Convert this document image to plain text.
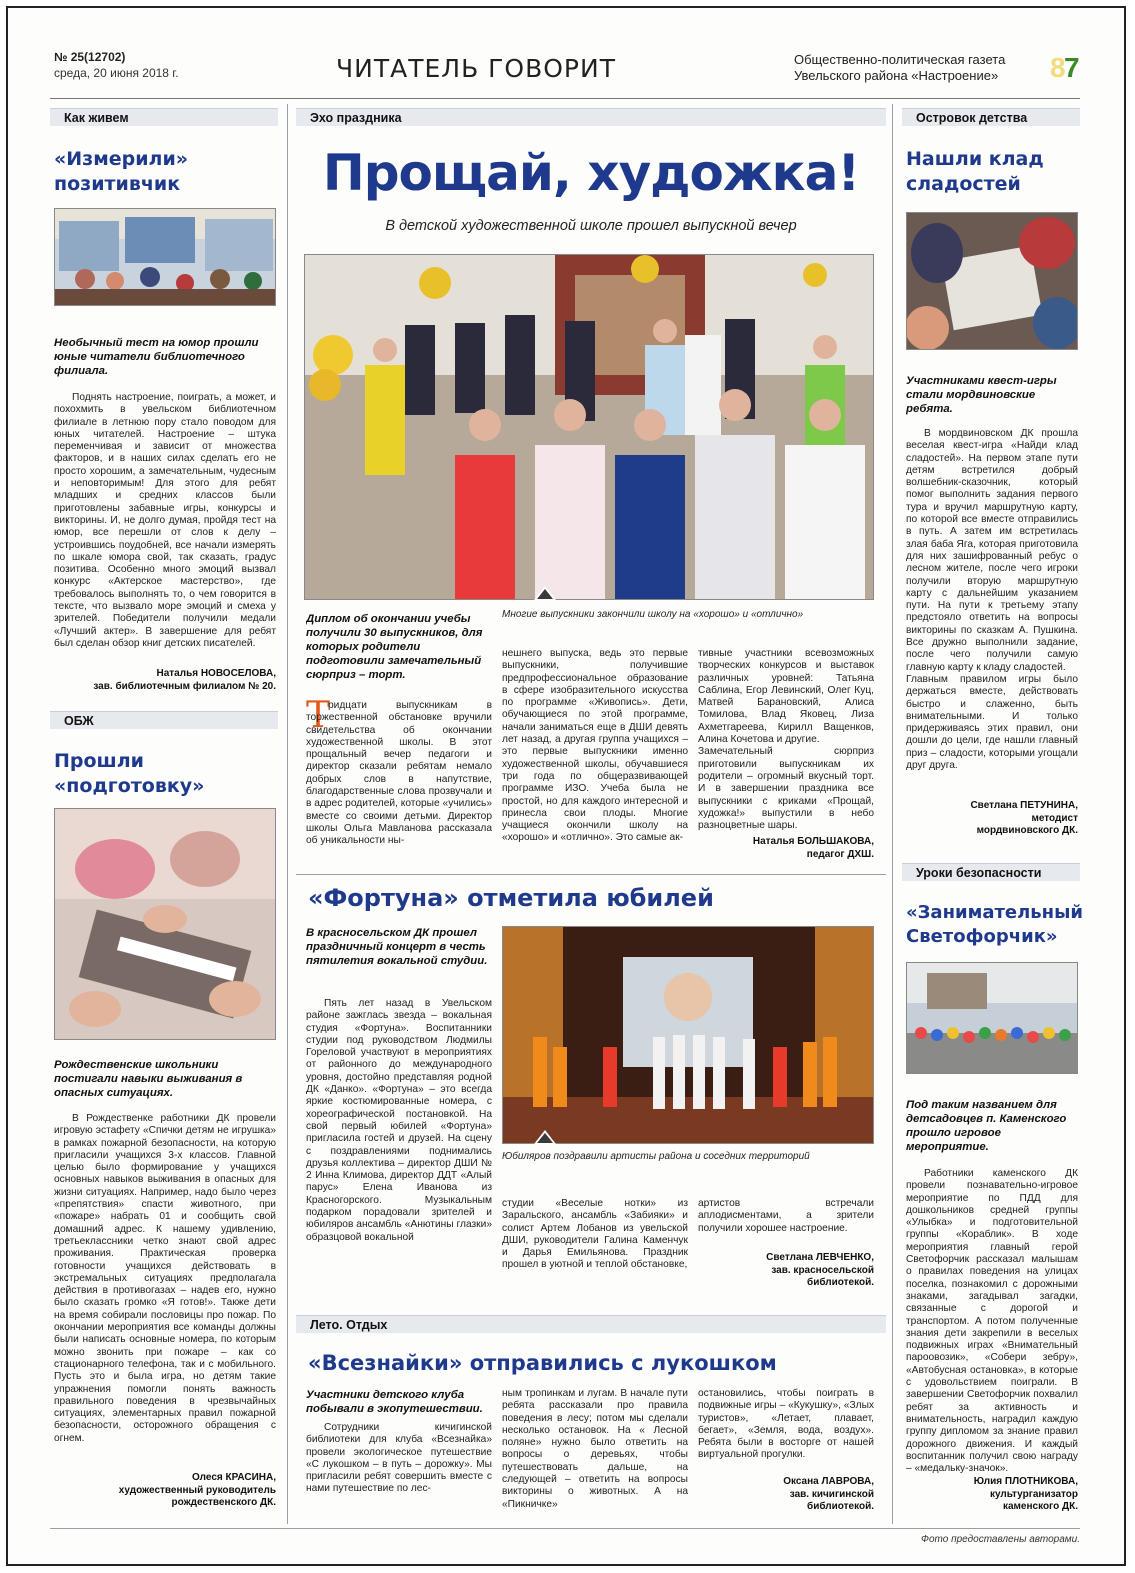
№ 25(12702)
среда, 20 июня 2018 г.	ЧИТАТЕЛЬ ГОВОРИТ	Общественно-политическая газета
Увельского района «Настроение» 8
7
Как живем
«Измерили»
позитивчик
Необычный тест на юмор прошли юные читатели библиотечного филиала.
Поднять настроение, поиграть, а может, и похохмить в увельском библиотечном филиале в летнюю пору стало поводом для юных читателей. Настроение – штука переменчивая и зависит от множества факторов, и в наших силах сделать его не просто хорошим, а замечательным, чудесным и неповторимым! Для этого для ребят младших и средних классов были приготовлены забавные игры, конкурсы и викторины. И, не долго думая, пройдя тест на юмор, все перешли от слов к делу – устроившись поудобней, все начали измерять по шкале юмора свой, так сказать, градус позитива. Особенно много эмоций вызвал конкурс «Актерское мастерство», где требовалось выполнять то, о чем говорится в тексте, что вызвало море эмоций и смеха у зрителей. Победители получили медали «Лучший актер». В завершение для ребят был сделан обзор книг детских писателей.
Наталья НОВОСЕЛОВА,
зав. библиотечным филиалом № 20.
ОБЖ
Прошли
«подготовку»
Рождественские школьники постигали навыки выживания в опасных ситуациях.
В Рождественке работники ДК провели игровую эстафету «Спички детям не игрушка» в рамках пожарной безопасности, на которую пригласили учащихся 3-х классов. Главной целью было формирование у учащихся основных навыков выживания в опасных для жизни ситуациях. Например, надо было через «препятствия» спасти животного, при «пожаре» набрать 01 и сообщить свой домашний адрес. К нашему удивлению, третьеклассники четко знают свой адрес проживания. Практическая проверка готовности учащихся действовать в экстремальных ситуациях предполагала действия в противогазах – надев его, нужно было сказать громко «Я готов!». Также дети на время собирали пословицы про пожар. По окончании мероприятия все команды должны были написать основные номера, по которым можно звонить при пожаре – как со стационарного телефона, так и с мобильного. Пусть это и была игра, но детям такие упражнения помогли понять важность правильного поведения в чрезвычайных ситуациях, элементарных правил пожарной безопасности, осторожного обращения с огнем.
Олеся КРАСИНА,
художественный руководитель
рождественского ДК.
Эхо праздника
Прощай, художка!
В детской художественной школе прошел выпускной вечер
Диплом об окончании учебы получили 30 выпускников, для которых родители подготовили замечательный сюрприз – торт.
Многие выпускники закончили школу на «хорошо» и «отлично»
Т
ридцати выпускникам в торжественной обстановке вручили свидетельства об окончании художественной школы. В этот прощальный вечер педагоги и директор сказали ребятам немало добрых слов в напутствие, благодарственные слова прозвучали и в адрес родителей, которые «учились» вместе со своими детьми. Директор школы Ольга Мавланова рассказала об уникальности ны-
нешнего выпуска, ведь это первые выпускники, получившие предпрофессиональное образование в сфере изобразительного искусства по программе «Живопись». Дети, обучающиеся по этой программе, начали заниматься еще в ДШИ девять лет назад, а другая группа учащихся – это первые выпускники именно художественной школы, обучавшиеся три года по общеразвивающей программе ИЗО. Учеба была не простой, но для каждого интересной и принесла свои плоды. Многие учащиеся окончили школу на «хорошо» и «отлично». Это самые ак-
тивные участники всевозможных творческих конкурсов и выставок различных уровней: Татьяна Саблина, Егор Левинский, Олег Куц, Матвей Барановский, Алиса Томилова, Влад Яковец, Лиза Ахметгареева, Кирилл Ващенков, Алина Кочетова и другие.
Замечательный сюрприз приготовили выпускникам их родители – огромный вкусный торт. И в завершении праздника все выпускники с криками «Прощай, художка!» выпустили в небо разноцветные шары.
Наталья БОЛЬШАКОВА,
педагог ДХШ.
«Фортуна» отметила юбилей
В красносельском ДК прошел праздничный концерт в честь пятилетия вокальной студии.
Пять лет назад в Увельском районе зажглась звезда – вокальная студия «Фортуна». Воспитанники студии под руководством Людмилы Гореловой участвуют в мероприятиях от районного до международного уровня, достойно представляя родной ДК «Данко». «Фортуна» – это всегда яркие костюмированные номера, с хореографической постановкой. На свой первый юбилей «Фортуна» пригласила гостей и друзей. На сцену с поздравлениями поднимались друзья коллектива – директор ДШИ № 2 Инна Климова, директор ДДТ «Алый парус» Елена Иванова из Красногорского. Музыкальным подарком порадовали зрителей и юбиляров ансамбль «Анютины глазки» образцовой вокальной
Юбиляров поздравили артисты района и соседних территорий
студии «Веселые нотки» из Заральского, ансамбль «Забияки» и солист Артем Лобанов из увельской ДШИ, руководители Галина Каменчук и Дарья Емильянова. Праздник прошел в уютной и теплой обстановке,
артистов встречали аплодисментами, а зрители получили хорошее настроение.
Светлана ЛЕВЧЕНКО,
зав. красносельской
библиотекой.
Лето. Отдых
«Всезнайки» отправились с лукошком
Участники детского клуба побывали в экопутешествии.
Сотрудники кичигинской библиотеки для клуба «Всезнайка» провели экологическое путешествие «С лукошком – в путь – дорожку». Мы пригласили ребят совершить вместе с нами путешествие по лес-
ным тропинкам и лугам. В начале пути ребята рассказали про правила поведения в лесу; потом мы сделали несколько остановок. На « Лесной поляне» нужно было ответить на вопросы о деревьях, чтобы путешествовать дальше, на следующей – ответить на вопросы викторины о животных. А на «Пикничке»
остановились, чтобы поиграть в подвижные игры – «Кукушку», «Злых туристов», «Летает, плавает, бегает», «Земля, вода, воздух». Ребята были в восторге от нашей виртуальной прогулки.
Оксана ЛАВРОВА,
зав. кичигинской
библиотекой.
Островок детства
Нашли клад
сладостей
Участниками квест-игры стали мордвиновские ребята.
В мордвиновском ДК прошла веселая квест-игра «Найди клад сладостей». На первом этапе пути детям встретился добрый волшебник-сказочник, который помог выполнить задания первого тура и вручил маршрутную карту, по которой все вместе отправились в путь. А затем им встретилась злая баба Яга, которая приготовила для них зашифрованный ребус о лесном жителе, после чего игроки получили вторую маршрутную карту с дальнейшим указанием пути. На пути к третьему этапу предстояло ответить на вопросы викторины по сказкам А. Пушкина. Все дружно выполнили задание, после чего получили самую главную карту к кладу сладостей.
Главным правилом игры было держаться вместе, действовать быстро и слаженно, быть внимательными. И только придерживаясь этих правил, они дошли до цели, где нашли главный приз – сладости, которыми угощали друг друга.
Светлана ПЕТУНИНА,
методист
мордвиновского ДК.
Уроки безопасности
«Занимательный
Светофорчик»
Под таким названием для детсадовцев п. Каменского прошло игровое мероприятие.
Работники каменского ДК провели познавательно-игровое мероприятие по ПДД для дошкольников средней группы «Улыбка» и подготовительной группы «Кораблик». В ходе мероприятия главный герой Светофорчик рассказал малышам о правилах поведения на улицах поселка, познакомил с дорожными знаками, загадывал загадки, связанные с дорогой и транспортом. А потом полученные знания дети закрепили в веселых подвижных играх «Внимательный пароовозик», «Собери зебру», «Автобусная остановка», в которые с удовольствием поиграли. В завершении Светофорчик похвалил ребят за активность и внимательность, наградил каждую группу дипломом за знание правил дорожного движения. И каждый воспитанник получил свою награду – «медальку-значок».
Юлия ПЛОТНИКОВА,
культурганизатор
каменского ДК.
Фото предоставлены авторами.
